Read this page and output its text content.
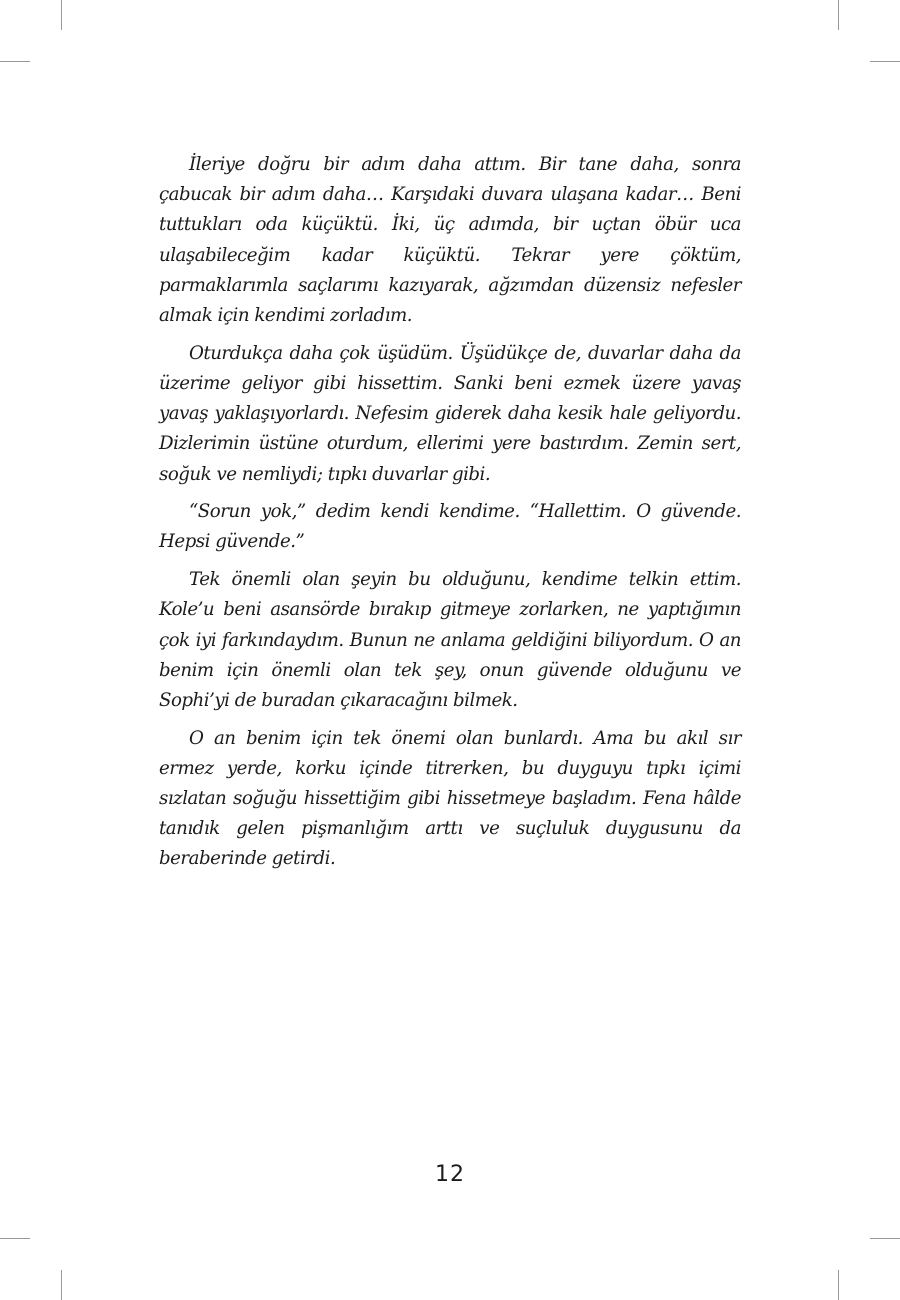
İleriye doğru bir adım daha attım. Bir tane daha, sonra çabucak bir adım daha… Karşıdaki duvara ulaşana kadar… Beni tuttukları oda küçüktü. İki, üç adımda, bir uçtan öbür uca ulaşabileceğim kadar küçüktü. Tekrar yere çöktüm, parmaklarımla saçlarımı kazıyarak, ağzımdan düzensiz nefesler almak için kendimi zorladım.

Oturdukça daha çok üşüdüm. Üşüdükçe de, duvarlar daha da üzerime geliyor gibi hissettim. Sanki beni ezmek üzere yavaş yavaş yaklaşıyorlardı. Nefesim giderek daha kesik hale geliyordu. Dizlerimin üstüne oturdum, ellerimi yere bastırdım. Zemin sert, soğuk ve nemliydi; tıpkı duvarlar gibi.

“Sorun yok,” dedim kendi kendime. “Hallettim. O güvende. Hepsi güvende.”

Tek önemli olan şeyin bu olduğunu, kendime telkin ettim. Kole’u beni asansörde bırakıp gitmeye zorlarken, ne yaptığımın çok iyi farkındaydım. Bunun ne anlama geldiğini biliyordum. O an benim için önemli olan tek şey, onun güvende olduğunu ve Sophi’yi de buradan çıkaracağını bilmek.

O an benim için tek önemi olan bunlardı. Ama bu akıl sır ermez yerde, korku içinde titrerken, bu duyguyu tıpkı içimi sızlatan soğuğu hissettiğim gibi hissetmeye başladım. Fena hâlde tanıdık gelen pişmanlığım arttı ve suçluluk duygusunu da beraberinde getirdi.

12
